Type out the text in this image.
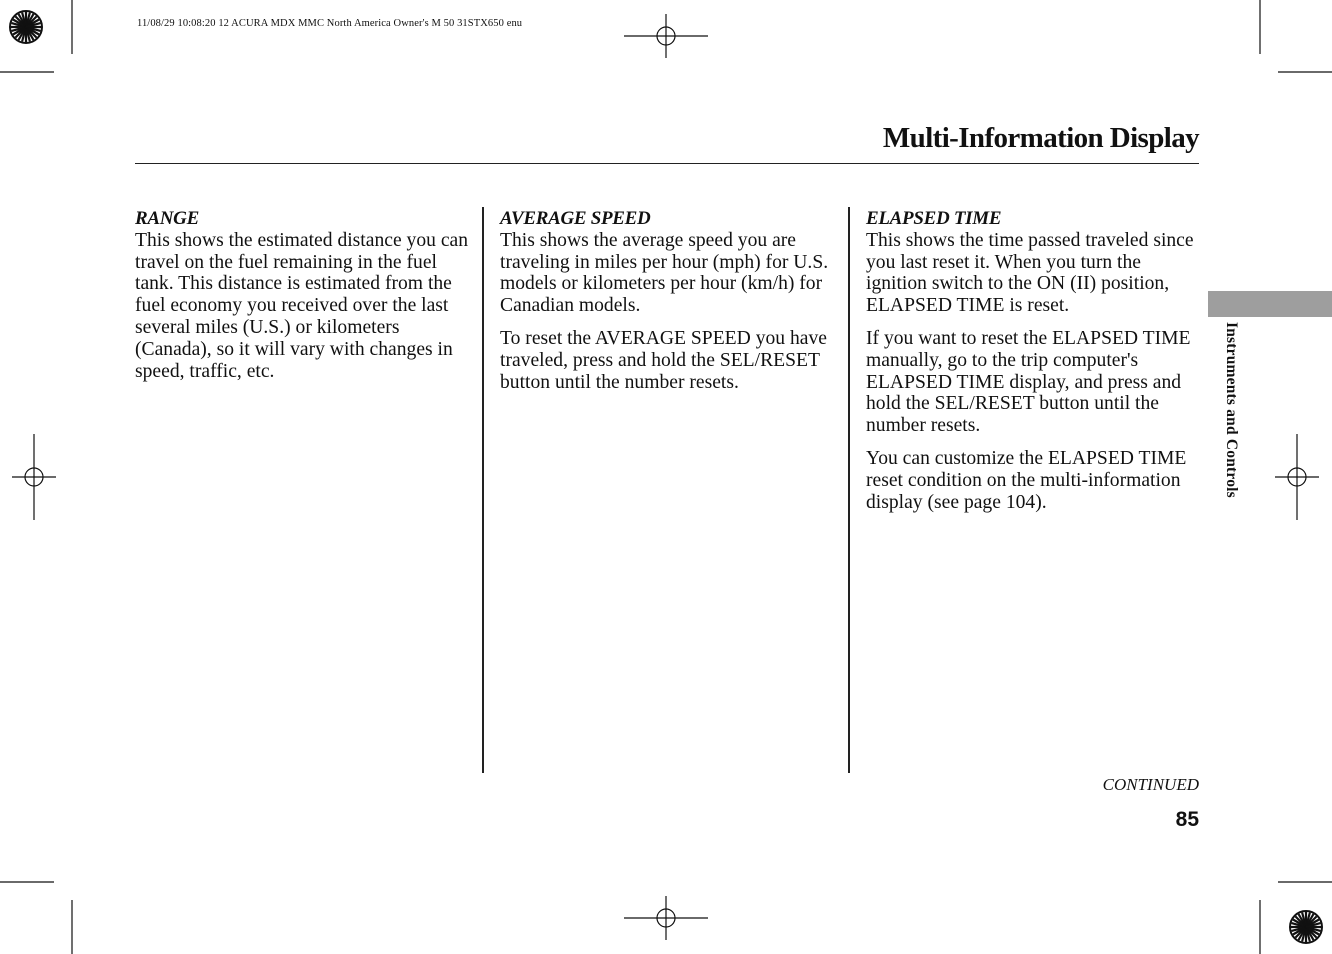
11/08/29 10:08:20 12 ACURA MDX MMC North America Owner's M 50 31STX650 enu
Multi-Information Display
RANGE

This shows the estimated distance you can travel on the fuel remaining in the fuel tank. This distance is estimated from the fuel economy you received over the last several miles (U.S.) or kilometers (Canada), so it will vary with changes in speed, traffic, etc.

AVERAGE SPEED

This shows the average speed you are traveling in miles per hour (mph) for U.S. models or kilometers per hour (km/h) for Canadian models.

To reset the AVERAGE SPEED you have traveled, press and hold the SEL/RESET button until the number resets.

ELAPSED TIME

This shows the time passed traveled since you last reset it. When you turn the ignition switch to the ON (II) position, ELAPSED TIME is reset.

If you want to reset the ELAPSED TIME manually, go to the trip computer's ELAPSED TIME display, and press and hold the SEL/RESET button until the number resets.

You can customize the ELAPSED TIME reset condition on the multi-information display (see page 104).

Instruments and Controls
CONTINUED
85
